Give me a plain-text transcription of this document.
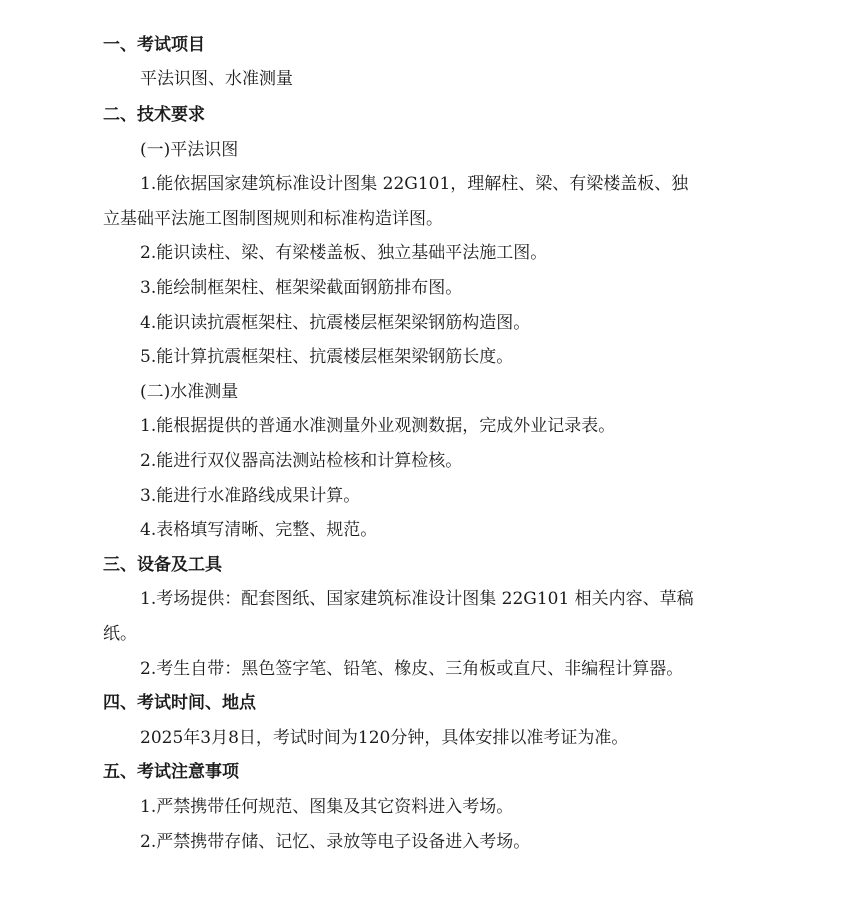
一、考试项目
平法识图、水准测量
二、技术要求
(一)平法识图
1.能依据国家建筑标准设计图集 22G101，理解柱、梁、有梁楼盖板、独
立基础平法施工图制图规则和标准构造详图。
2.能识读柱、梁、有梁楼盖板、独立基础平法施工图。
3.能绘制框架柱、框架梁截面钢筋排布图。
4.能识读抗震框架柱、抗震楼层框架梁钢筋构造图。
5.能计算抗震框架柱、抗震楼层框架梁钢筋长度。
(二)水准测量
1.能根据提供的普通水准测量外业观测数据，完成外业记录表。
2.能进行双仪器高法测站检核和计算检核。
3.能进行水准路线成果计算。
4.表格填写清晰、完整、规范。
三、设备及工具
1.考场提供：配套图纸、国家建筑标准设计图集 22G101 相关内容、草稿
纸。
2.考生自带：黑色签字笔、铅笔、橡皮、三角板或直尺、非编程计算器。
四、考试时间、地点
2025年3月8日，考试时间为120分钟，具体安排以准考证为准。
五、考试注意事项
1.严禁携带任何规范、图集及其它资料进入考场。
2.严禁携带存储、记忆、录放等电子设备进入考场。
